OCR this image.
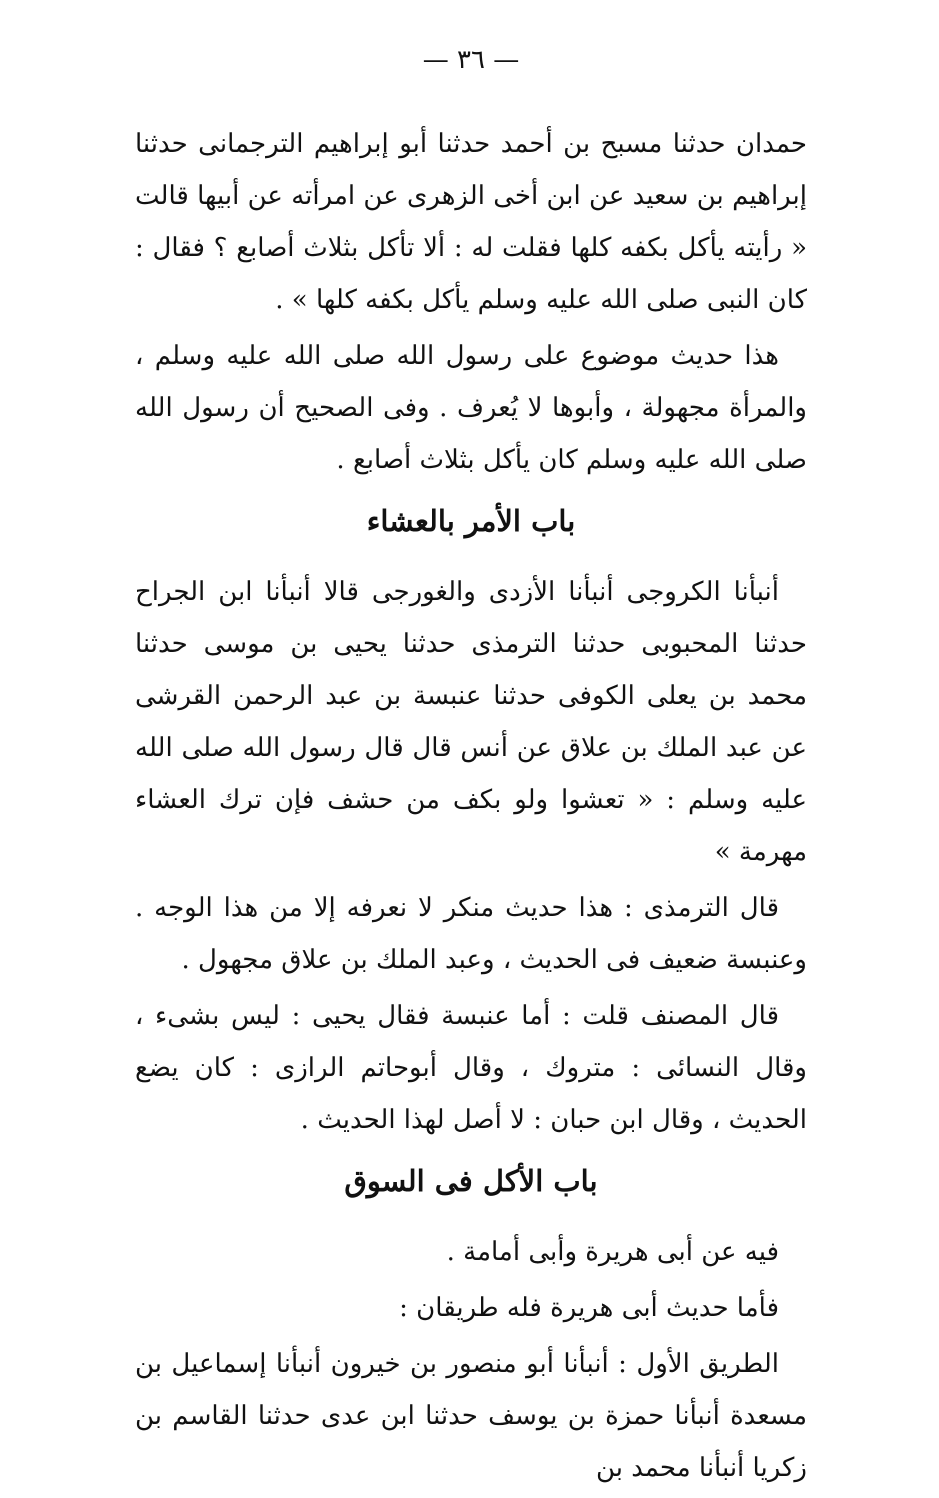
— ٣٦ —
حمدان حدثنا مسبح بن أحمد حدثنا أبو إبراهيم الترجمانى حدثنا إبراهيم بن سعيد عن ابن أخى الزهرى عن امرأته عن أبيها قالت « رأيته يأكل بكفه كلها فقلت له : ألا تأكل بثلاث أصابع ؟ فقال : كان النبى صلى الله عليه وسلم يأكل بكفه كلها » .
هذا حديث موضوع على رسول الله صلى الله عليه وسلم ، والمرأة مجهولة ، وأبوها لا يُعرف . وفى الصحيح أن رسول الله صلى الله عليه وسلم كان يأكل بثلاث أصابع .
باب الأمر بالعشاء
أنبأنا الكروجى أنبأنا الأزدى والغورجى قالا أنبأنا ابن الجراح حدثنا المحبوبى حدثنا الترمذى حدثنا يحيى بن موسى حدثنا محمد بن يعلى الكوفى حدثنا عنبسة بن عبد الرحمن القرشى عن عبد الملك بن علاق عن أنس قال قال رسول الله صلى الله عليه وسلم : « تعشوا ولو بكف من حشف فإن ترك العشاء مهرمة »
قال الترمذى : هذا حديث منكر لا نعرفه إلا من هذا الوجه . وعنبسة ضعيف فى الحديث ، وعبد الملك بن علاق مجهول .
قال المصنف قلت : أما عنبسة فقال يحيى : ليس بشىء ، وقال النسائى : متروك ، وقال أبوحاتم الرازى : كان يضع الحديث ، وقال ابن حبان : لا أصل لهذا الحديث .
باب الأكل فى السوق
فيه عن أبى هريرة وأبى أمامة .
فأما حديث أبى هريرة فله طريقان :
الطريق الأول : أنبأنا أبو منصور بن خيرون أنبأنا إسماعيل بن مسعدة أنبأنا حمزة بن يوسف حدثنا ابن عدى حدثنا القاسم بن زكريا أنبأنا محمد بن
